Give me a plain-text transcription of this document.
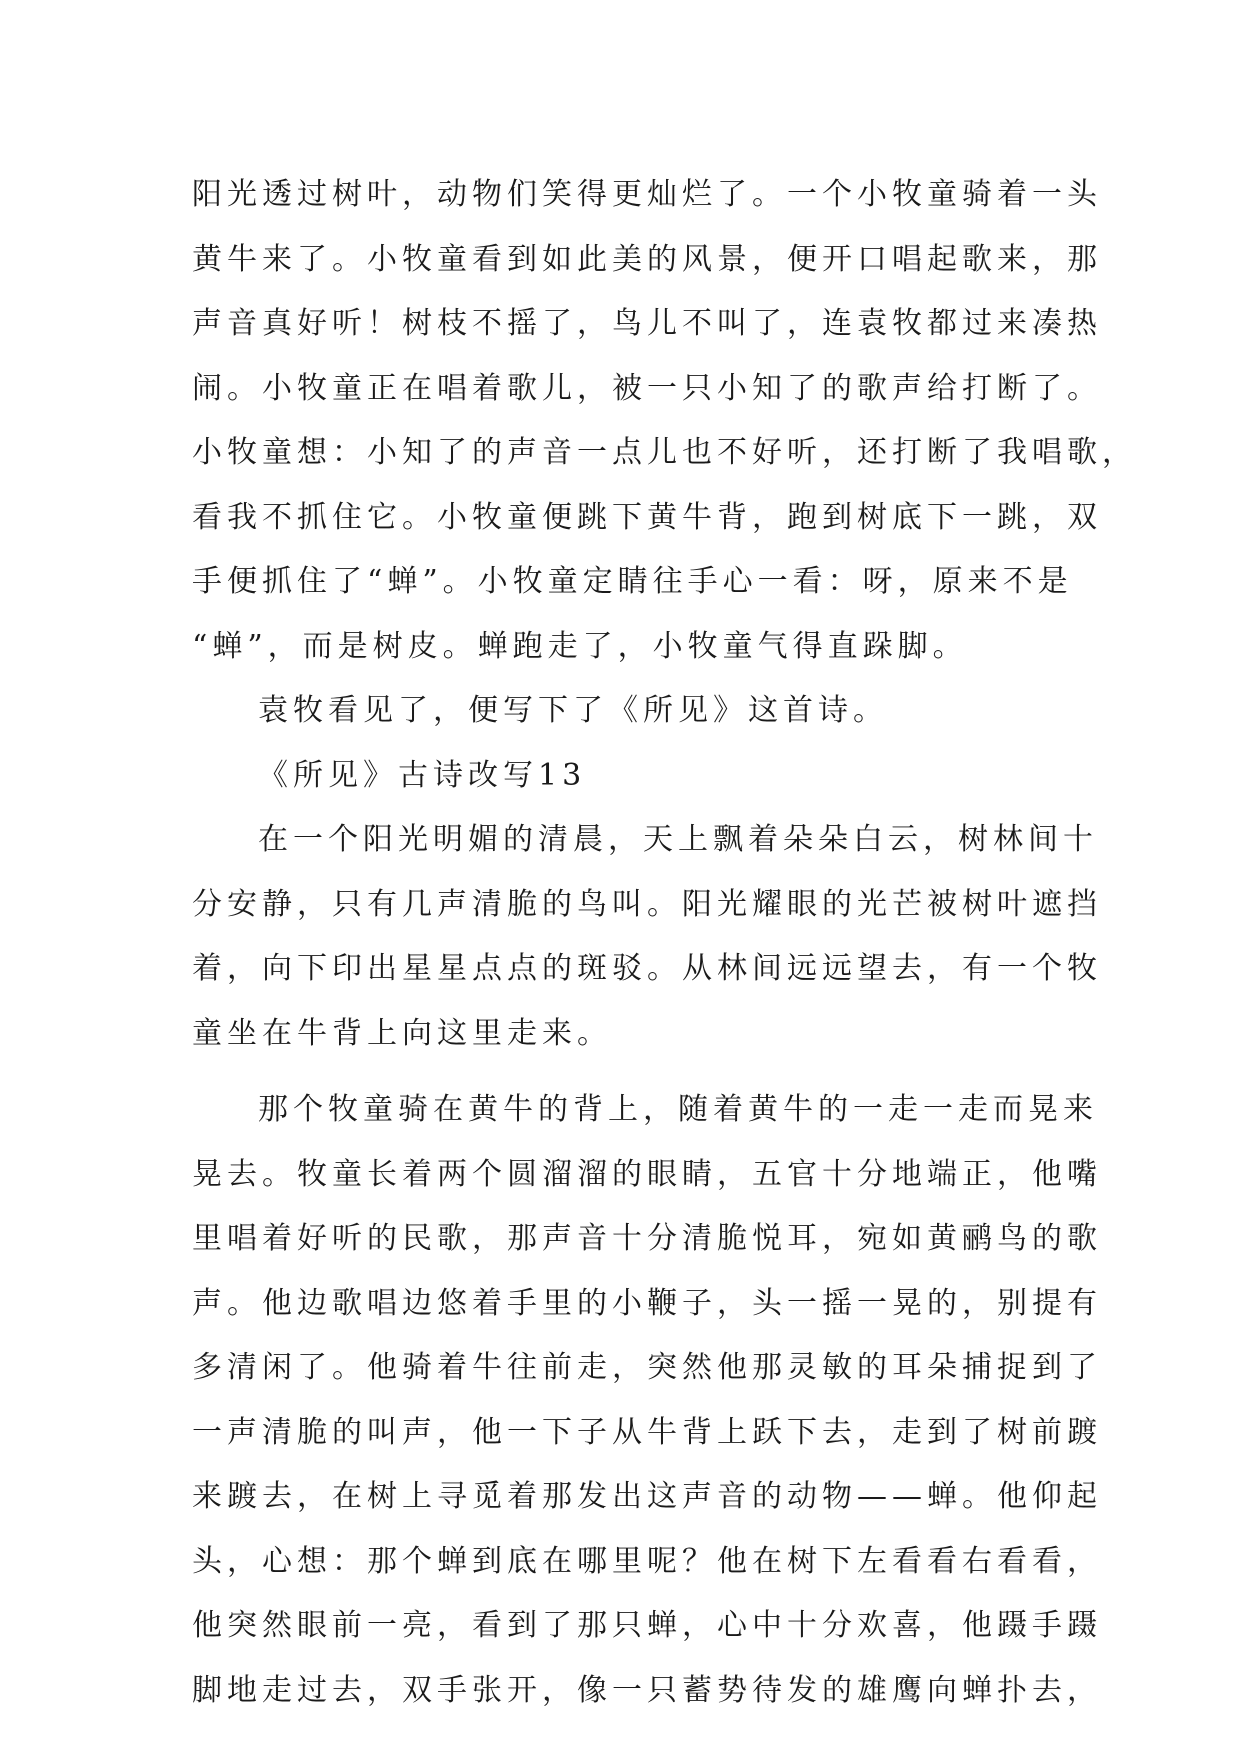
阳光透过树叶，动物们笑得更灿烂了。一个小牧童骑着一头
黄牛来了。小牧童看到如此美的风景，便开口唱起歌来，那
声音真好听！树枝不摇了，鸟儿不叫了，连袁牧都过来凑热
闹。小牧童正在唱着歌儿，被一只小知了的歌声给打断了。
小牧童想：小知了的声音一点儿也不好听，还打断了我唱歌，
看我不抓住它。小牧童便跳下黄牛背，跑到树底下一跳，双
手便抓住了“蝉”。小牧童定睛往手心一看：呀，原来不是
“蝉”，而是树皮。蝉跑走了，小牧童气得直跺脚。
袁牧看见了，便写下了《所见》这首诗。
《所见》古诗改写13
在一个阳光明媚的清晨，天上飘着朵朵白云，树林间十
分安静，只有几声清脆的鸟叫。阳光耀眼的光芒被树叶遮挡
着，向下印出星星点点的斑驳。从林间远远望去，有一个牧
童坐在牛背上向这里走来。
那个牧童骑在黄牛的背上，随着黄牛的一走一走而晃来
晃去。牧童长着两个圆溜溜的眼睛，五官十分地端正，他嘴
里唱着好听的民歌，那声音十分清脆悦耳，宛如黄鹂鸟的歌
声。他边歌唱边悠着手里的小鞭子，头一摇一晃的，别提有
多清闲了。他骑着牛往前走，突然他那灵敏的耳朵捕捉到了
一声清脆的叫声，他一下子从牛背上跃下去，走到了树前踱
来踱去，在树上寻觅着那发出这声音的动物——蝉。他仰起
头，心想：那个蝉到底在哪里呢？他在树下左看看右看看，
他突然眼前一亮，看到了那只蝉，心中十分欢喜，他蹑手蹑
脚地走过去，双手张开，像一只蓄势待发的雄鹰向蝉扑去，
